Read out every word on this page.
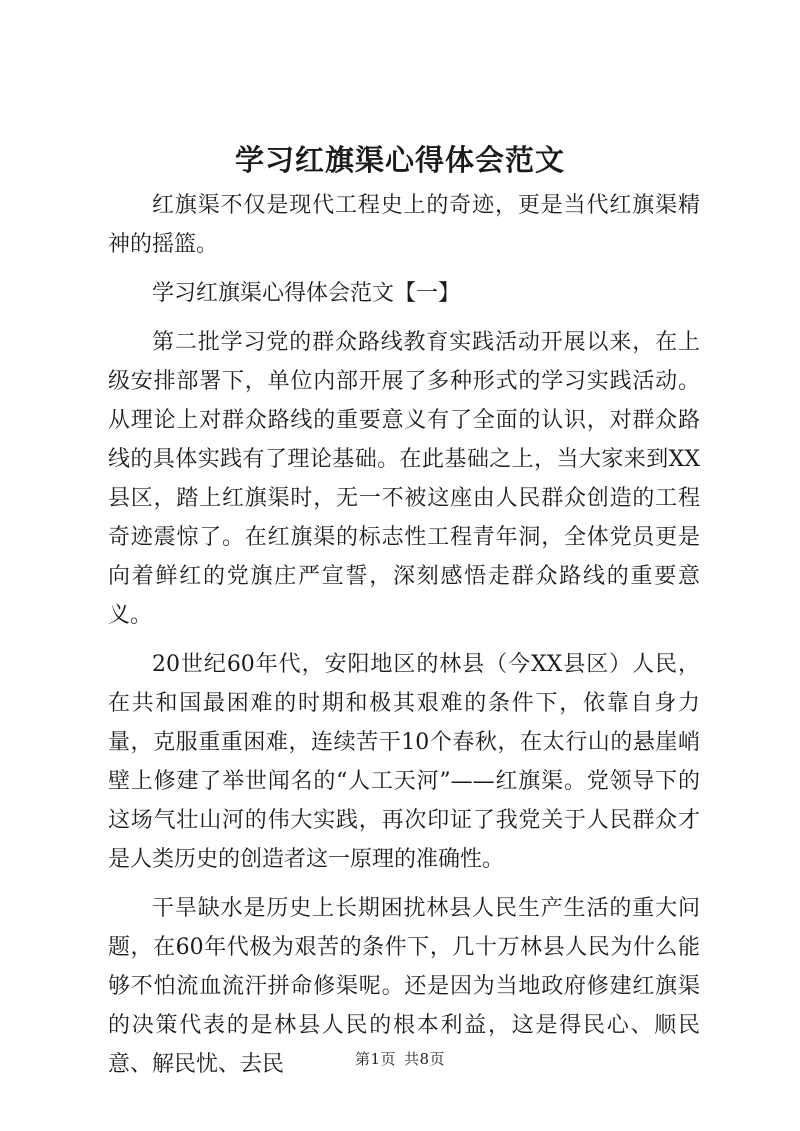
学习红旗渠心得体会范文

红旗渠不仅是现代工程史上的奇迹，更是当代红旗渠精神的摇篮。

学习红旗渠心得体会范文【一】

第二批学习党的群众路线教育实践活动开展以来，在上级安排部署下，单位内部开展了多种形式的学习实践活动。从理论上对群众路线的重要意义有了全面的认识，对群众路线的具体实践有了理论基础。在此基础之上，当大家来到XX县区，踏上红旗渠时，无一不被这座由人民群众创造的工程奇迹震惊了。在红旗渠的标志性工程青年洞，全体党员更是向着鲜红的党旗庄严宣誓，深刻感悟走群众路线的重要意义。

20世纪60年代，安阳地区的林县（今XX县区）人民，在共和国最困难的时期和极其艰难的条件下，依靠自身力量，克服重重困难，连续苦干10个春秋，在太行山的悬崖峭壁上修建了举世闻名的“人工天河”——红旗渠。党领导下的这场气壮山河的伟大实践，再次印证了我党关于人民群众才是人类历史的创造者这一原理的准确性。

干旱缺水是历史上长期困扰林县人民生产生活的重大问题，在60年代极为艰苦的条件下，几十万林县人民为什么能够不怕流血流汗拼命修渠呢。还是因为当地政府修建红旗渠的决策代表的是林县人民的根本利益，这是得民心、顺民意、解民忧、去民	第1页 共8页
